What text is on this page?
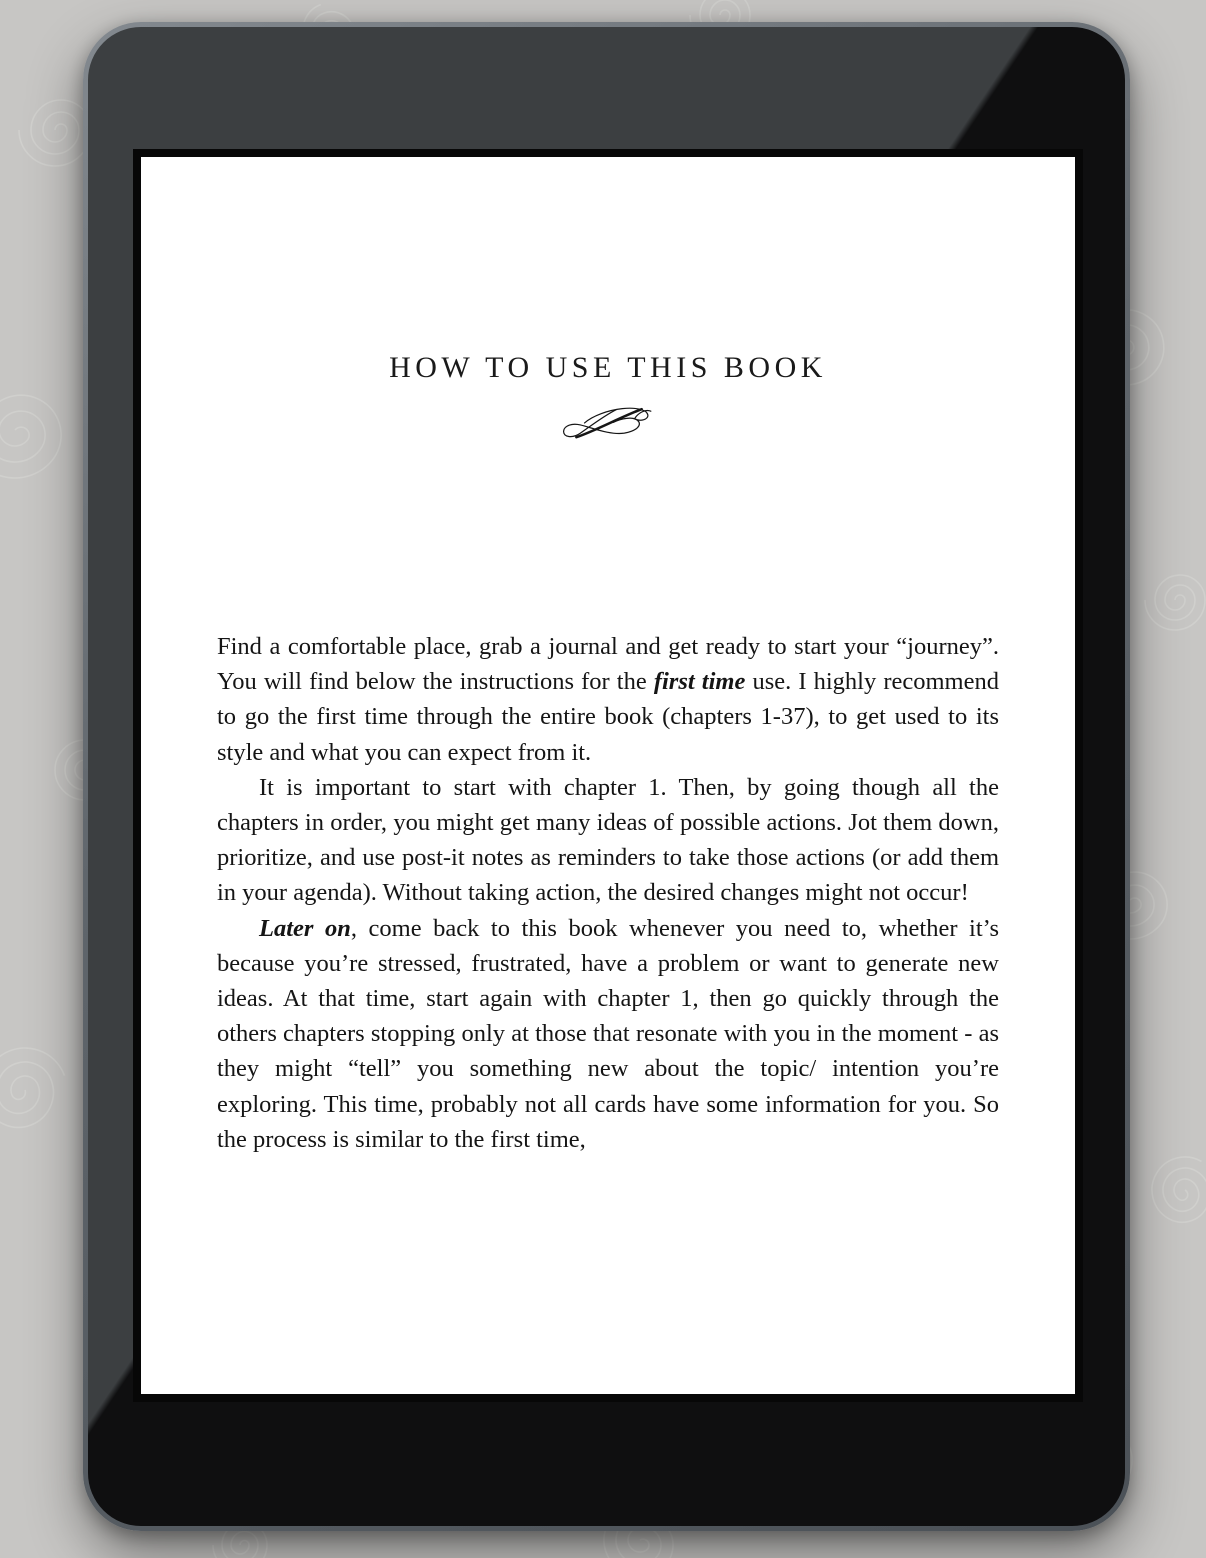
HOW TO USE THIS BOOK

Find a comfortable place, grab a journal and get ready to start your “journey”. You will find below the instructions for the first time use. I highly recommend to go the first time through the entire book (chapters 1-37), to get used to its style and what you can expect from it.

It is important to start with chapter 1. Then, by going though all the chapters in order, you might get many ideas of possible actions. Jot them down, prioritize, and use post-it notes as reminders to take those actions (or add them in your agenda). Without taking action, the desired changes might not occur!

Later on, come back to this book whenever you need to, whether it’s because you’re stressed, frustrated, have a problem or want to generate new ideas. At that time, start again with chapter 1, then go quickly through the others chapters stopping only at those that resonate with you in the moment - as they might “tell” you something new about the topic/ intention you’re exploring. This time, probably not all cards have some information for you. So the process is similar to the first time,
